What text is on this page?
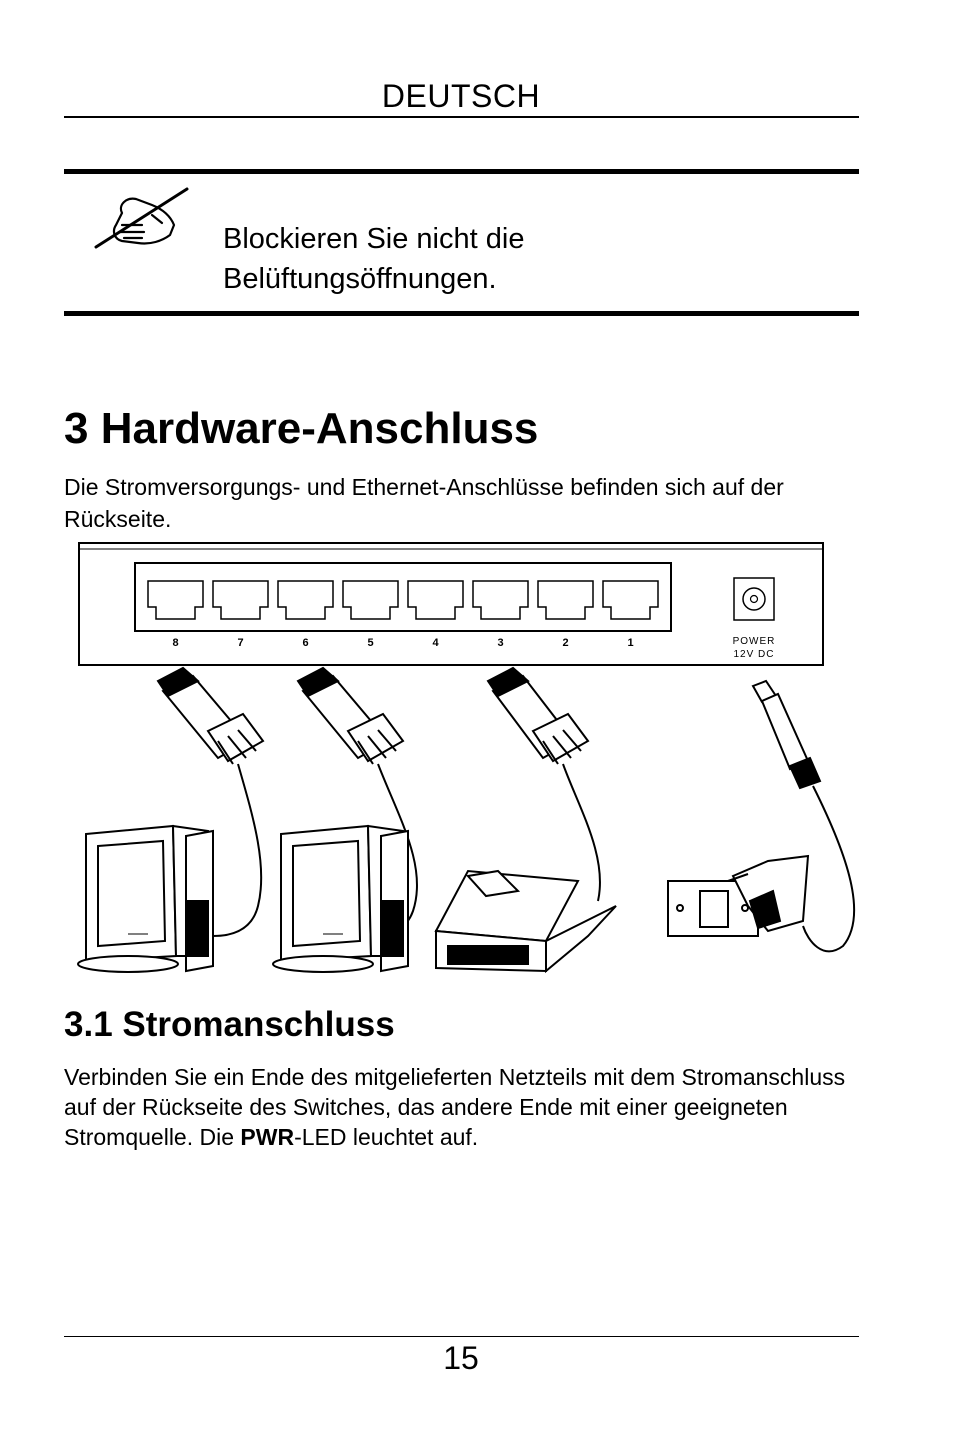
DEUTSCH
Blockieren Sie nicht die
Belüftungsöffnungen.
3 Hardware-Anschluss
Die Stromversorgungs- und Ethernet-Anschlüsse befinden sich auf der Rückseite.
8	7	6	5	4	3	2	1	POWER
12V DC
3.1 Stromanschluss
Verbinden Sie ein Ende des mitgelieferten Netzteils mit dem Stromanschluss auf der Rückseite des Switches, das andere Ende mit einer geeigneten Stromquelle. Die PWR-LED leuchtet auf.
15
